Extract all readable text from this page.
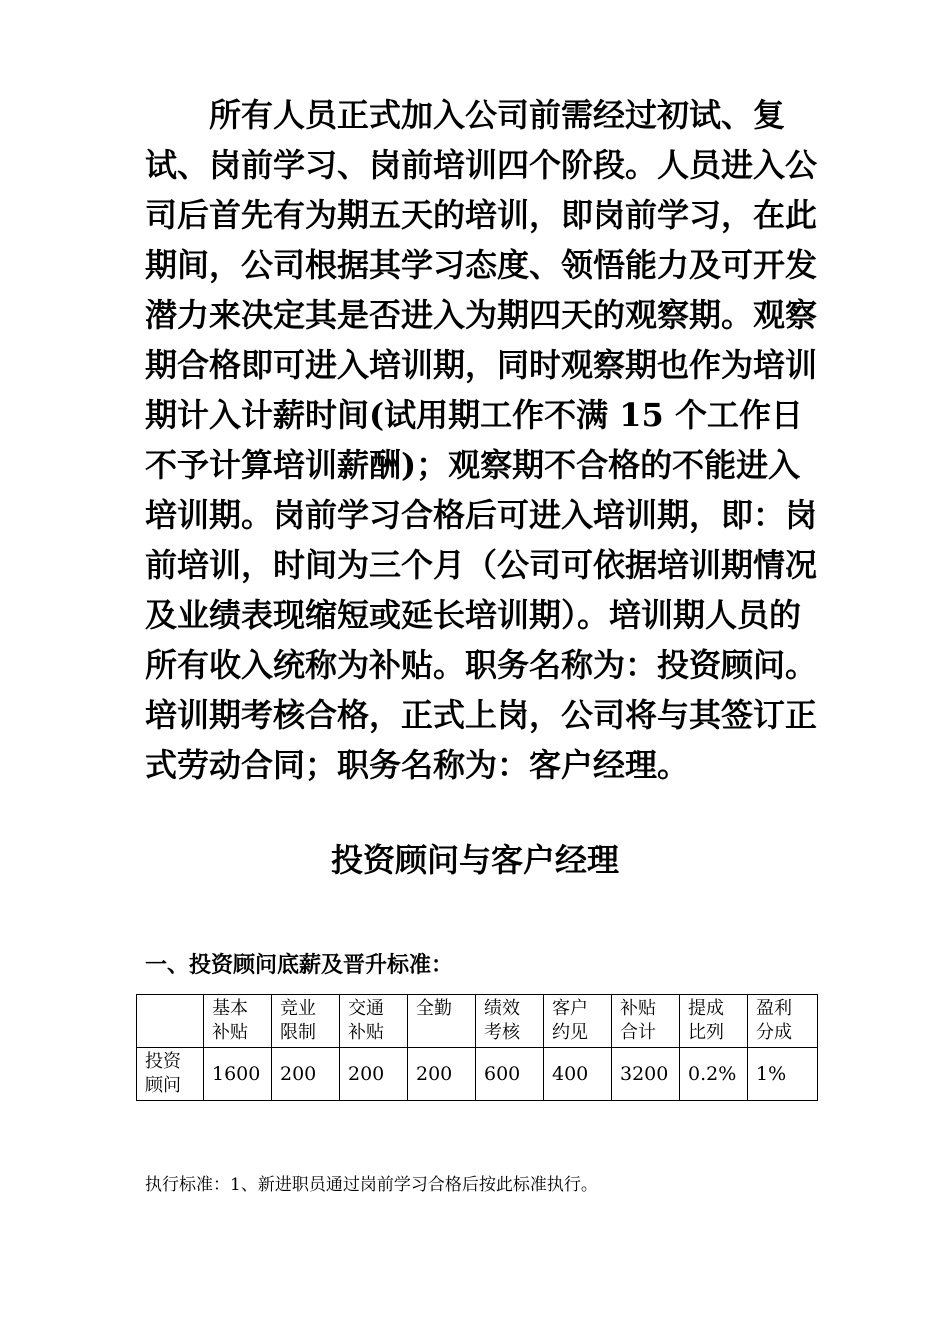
所有人员正式加入公司前需经过初试、复试、岗前学习、岗前培训四个阶段。人员进入公司后首先有为期五天的培训，即岗前学习，在此期间，公司根据其学习态度、领悟能力及可开发潜力来决定其是否进入为期四天的观察期。观察期合格即可进入培训期，同时观察期也作为培训期计入计薪时间(试用期工作不满 15 个工作日不予计算培训薪酬)；观察期不合格的不能进入培训期。岗前学习合格后可进入培训期，即：岗前培训，时间为三个月（公司可依据培训期情况及业绩表现缩短或延长培训期）。培训期人员的所有收入统称为补贴。职务名称为：投资顾问。培训期考核合格，正式上岗，公司将与其签订正式劳动合同；职务名称为：客户经理。

投资顾问与客户经理
一、投资顾问底薪及晋升标准：
	基本补贴	竞业限制	交通补贴	全勤	绩效考核	客户约见	补贴合计	提成比列	盈利分成
投资顾问	1600	200	200	200	600	400	3200	0.2%	1%

执行标准：1、新进职员通过岗前学习合格后按此标准执行。
